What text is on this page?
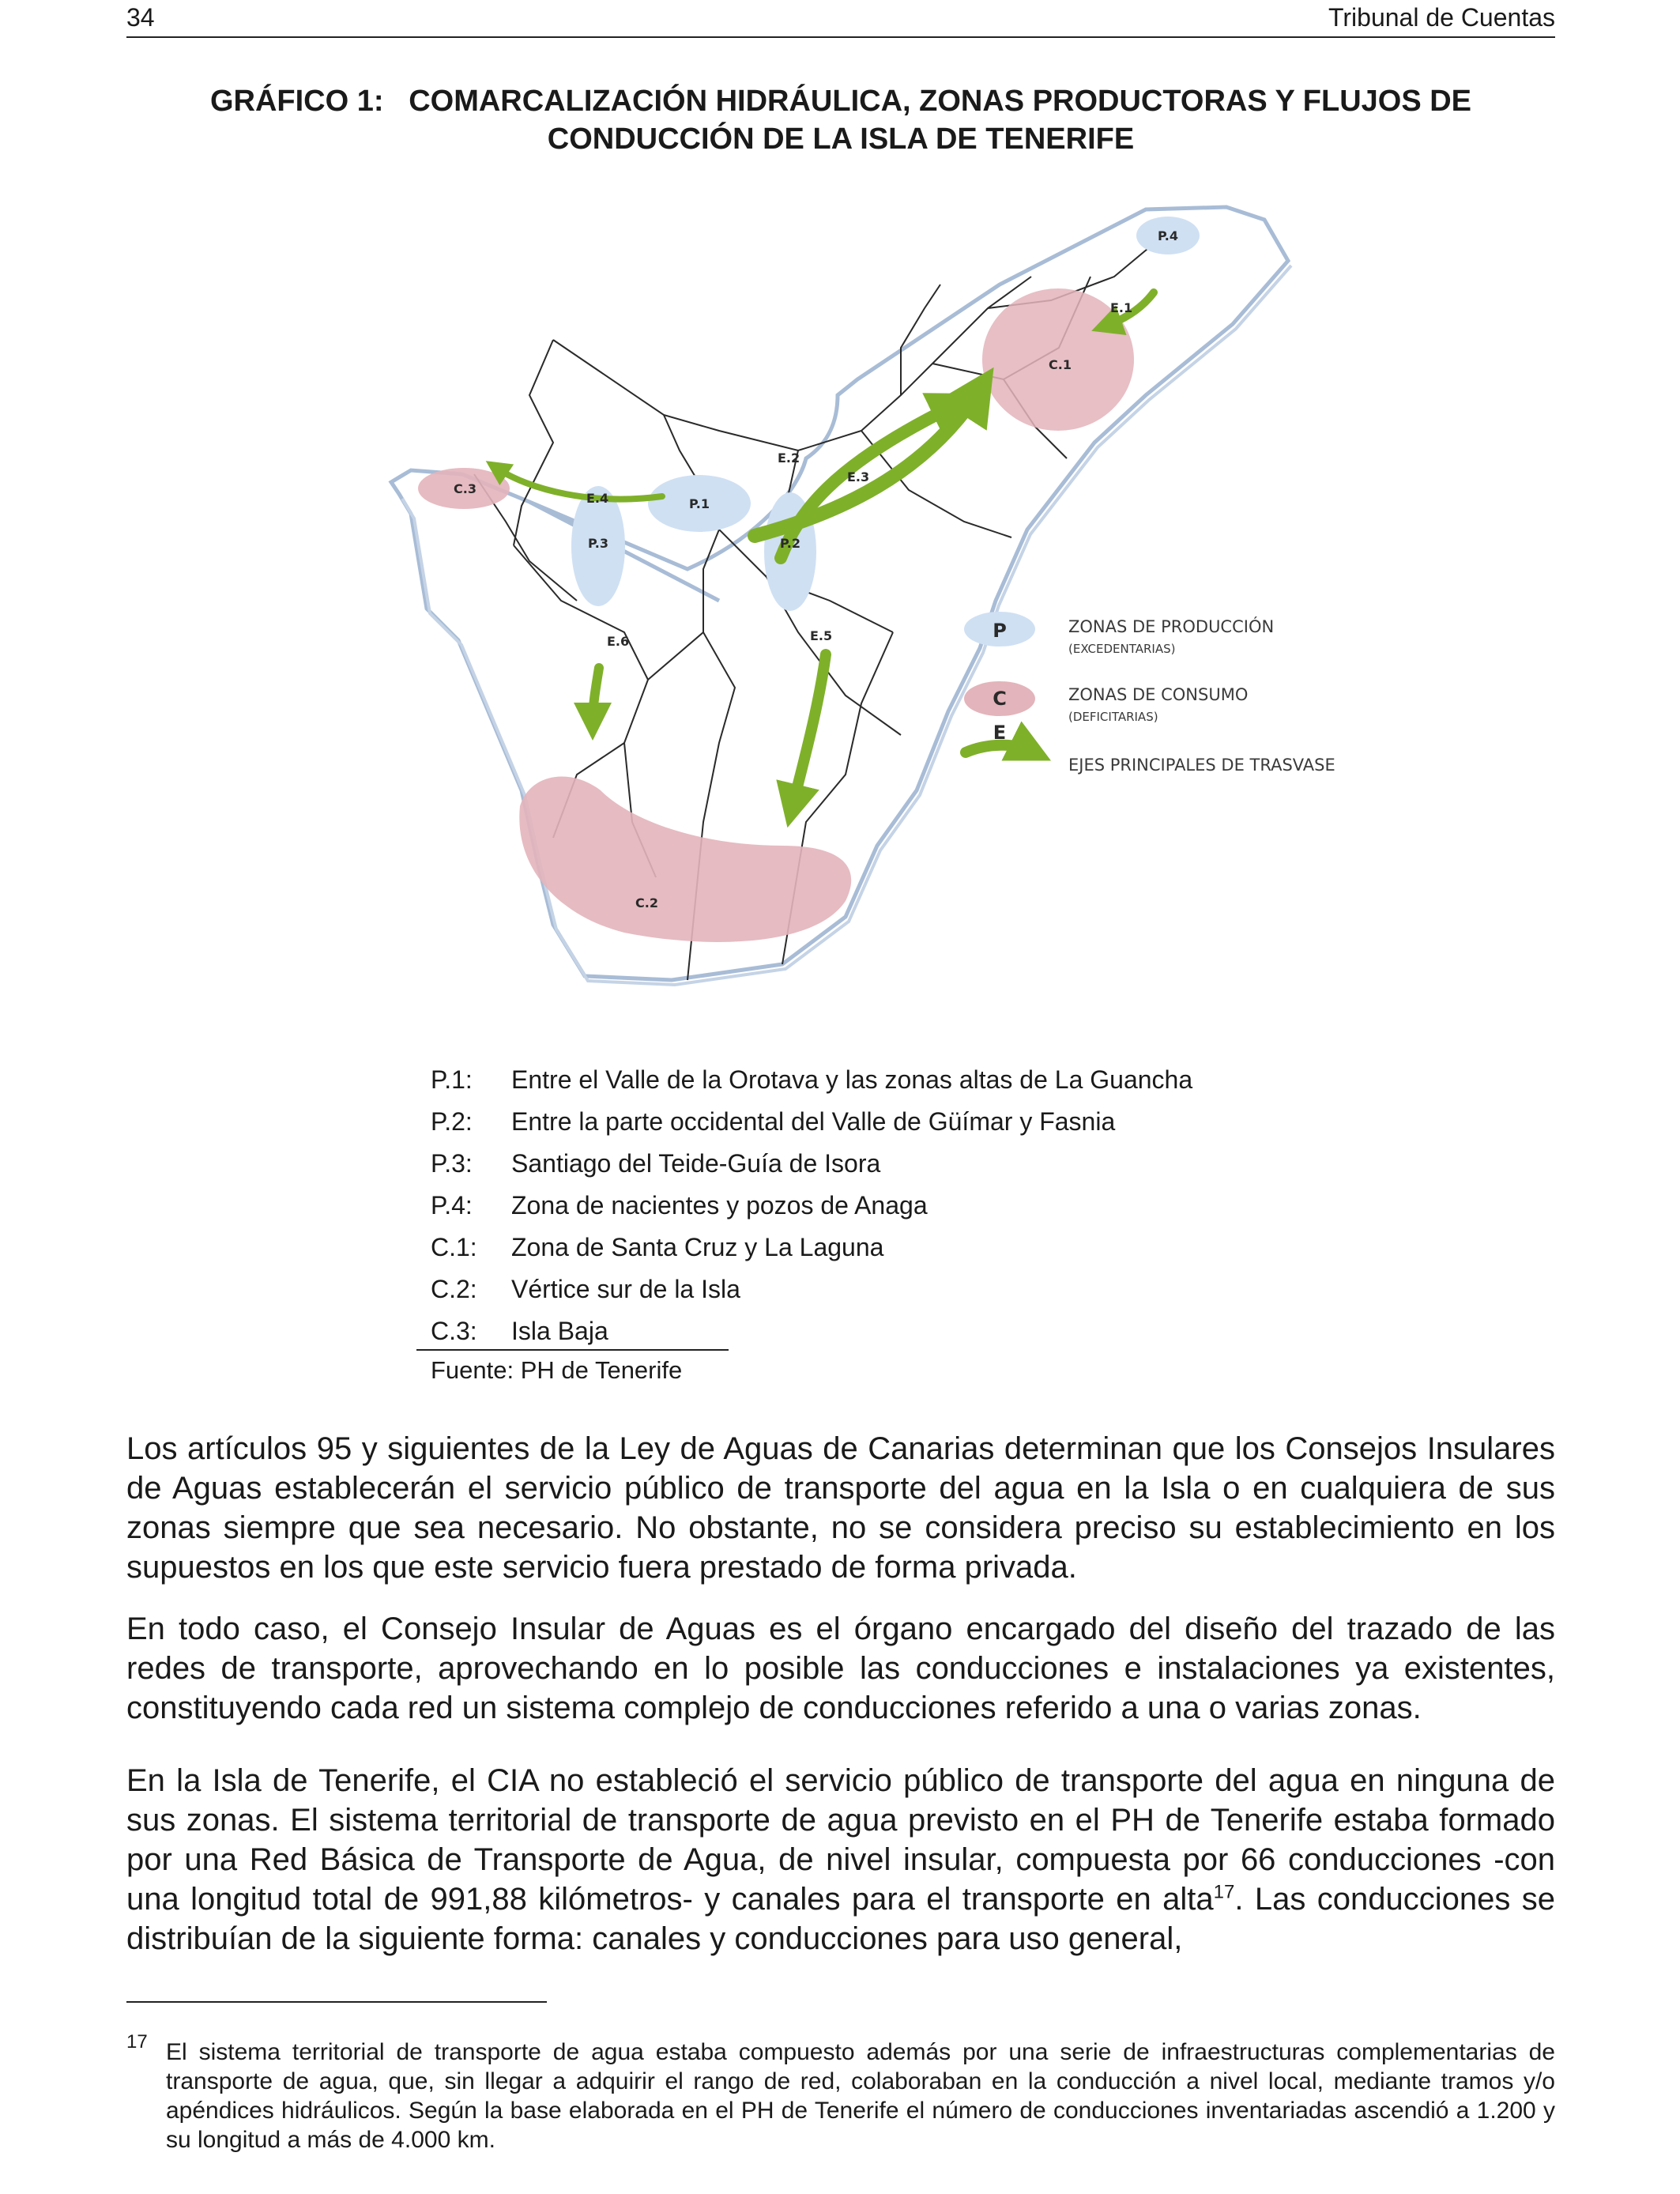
34	Tribunal de Cuentas
GRÁFICO 1:   COMARCALIZACIÓN HIDRÁULICA, ZONAS PRODUCTORAS Y FLUJOS DE
CONDUCCIÓN DE LA ISLA DE TENERIFE
P.1
P.2
P.3
P.4
C.1
C.2
C.3
E.1
E.2
E.3
E.4
E.5
E.6	P	ZONAS DE PRODUCCIÓN
(EXCEDENTARIAS)
C	ZONAS DE CONSUMO
(DEFICITARIAS)
E
EJES PRINCIPALES DE TRASVASE
P.1:	Entre el Valle de la Orotava y las zonas altas de La Guancha
P.2:	Entre la parte occidental del Valle de Güímar y Fasnia
P.3:	Santiago del Teide-Guía de Isora
P.4:	Zona de nacientes y pozos de Anaga
C.1:	Zona de Santa Cruz y La Laguna
C.2:	Vértice sur de la Isla
C.3:	Isla Baja
Fuente: PH de Tenerife

Los artículos 95 y siguientes de la Ley de Aguas de Canarias determinan que los Consejos Insulares de Aguas establecerán el servicio público de transporte del agua en la Isla o en cualquiera de sus zonas siempre que sea necesario. No obstante, no se considera preciso su establecimiento en los supuestos en los que este servicio fuera prestado de forma privada.

En todo caso, el Consejo Insular de Aguas es el órgano encargado del diseño del trazado de las redes de transporte, aprovechando en lo posible las conducciones e instalaciones ya existentes, constituyendo cada red un sistema complejo de conducciones referido a una o varias zonas.

En la Isla de Tenerife, el CIA no estableció el servicio público de transporte del agua en ninguna de sus zonas. El sistema territorial de transporte de agua previsto en el PH de Tenerife estaba formado por una Red Básica de Transporte de Agua, de nivel insular, compuesta por 66 conducciones -con una longitud total de 991,88 kilómetros- y canales para el transporte en alta$^{17}$. Las conducciones se distribuían de la siguiente forma: canales y conducciones para uso general,

17 El sistema territorial de transporte de agua estaba compuesto además por una serie de infraestructuras complementarias de transporte de agua, que, sin llegar a adquirir el rango de red, colaboraban en la conducción a nivel local, mediante tramos y/o apéndices hidráulicos. Según la base elaborada en el PH de Tenerife el número de conducciones inventariadas ascendió a 1.200 y su longitud a más de 4.000 km.
